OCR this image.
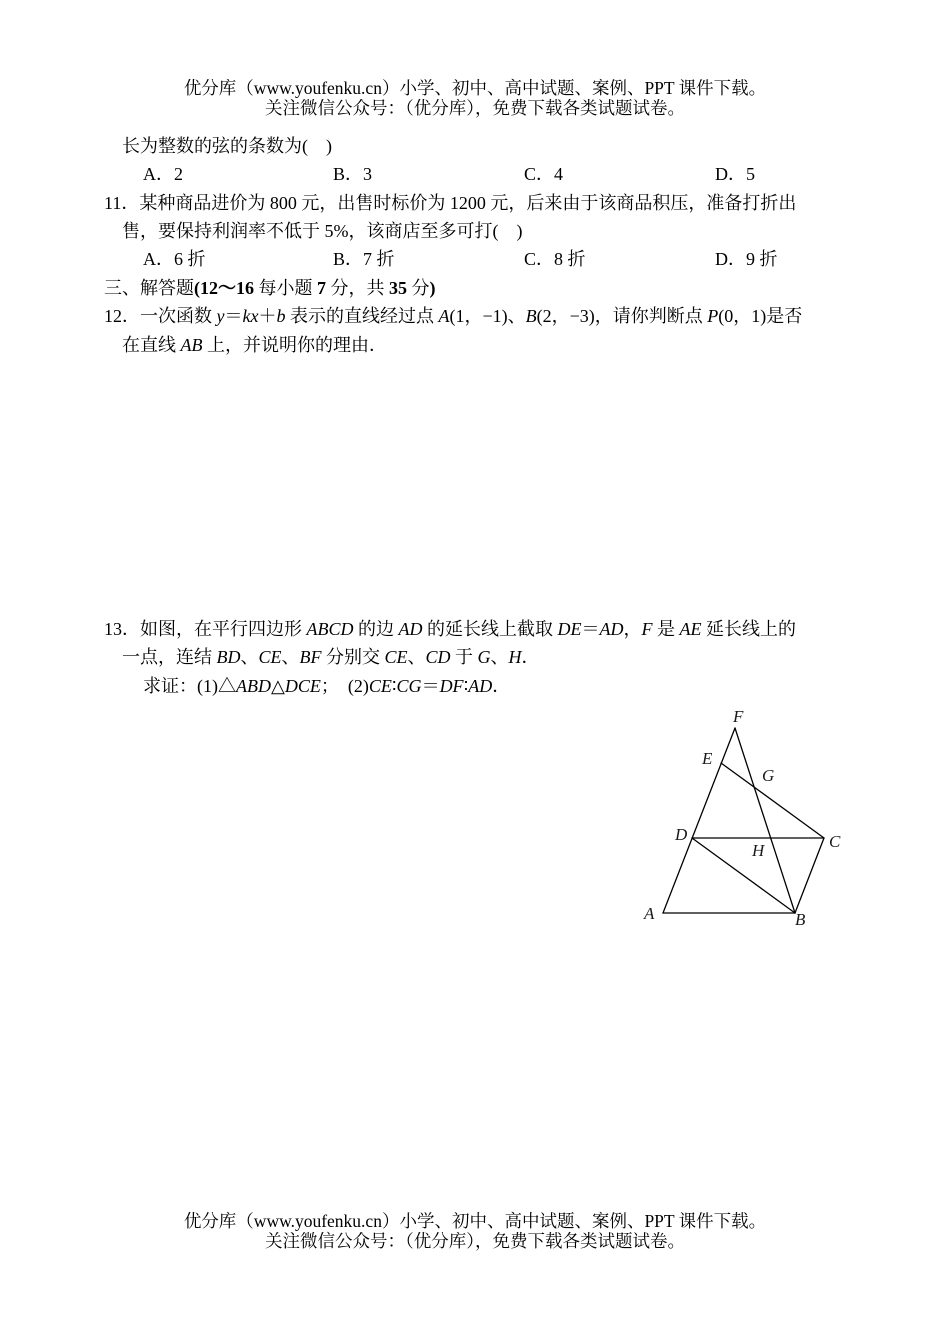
优分库（www.youfenku.cn）小学、初中、高中试题、案例、PPT 课件下载。
关注微信公众号：（优分库），免费下载各类试题试卷。
长为整数的弦的条数为(　)
A．2	B．3	C．4	D．5
11．某种商品进价为 800 元，出售时标价为 1200 元，后来由于该商品积压，准备打折出
售，要保持利润率不低于 5%，该商店至多可打(　)
A．6 折	B．7 折	C．8 折	D．9 折
三、解答题(12～16 每小题 7 分，共 35 分)
12．一次函数 y＝kx＋b 表示的直线经过点 A(1，−1)、B(2，−3)，请你判断点 P(0，1)是否
在直线 AB 上，并说明你的理由．
13．如图，在平行四边形 ABCD 的边 AD 的延长线上截取 DE＝AD，F 是 AE 延长线上的
一点，连结 BD、CE、BF 分别交 CE、CD 于 G、H．
求证：(1)△ABD△DCE；　(2)CE∶CG＝DF∶AD．
F
E
G
D
H	C
A	B
优分库（www.youfenku.cn）小学、初中、高中试题、案例、PPT 课件下载。
关注微信公众号：（优分库），免费下载各类试题试卷。
